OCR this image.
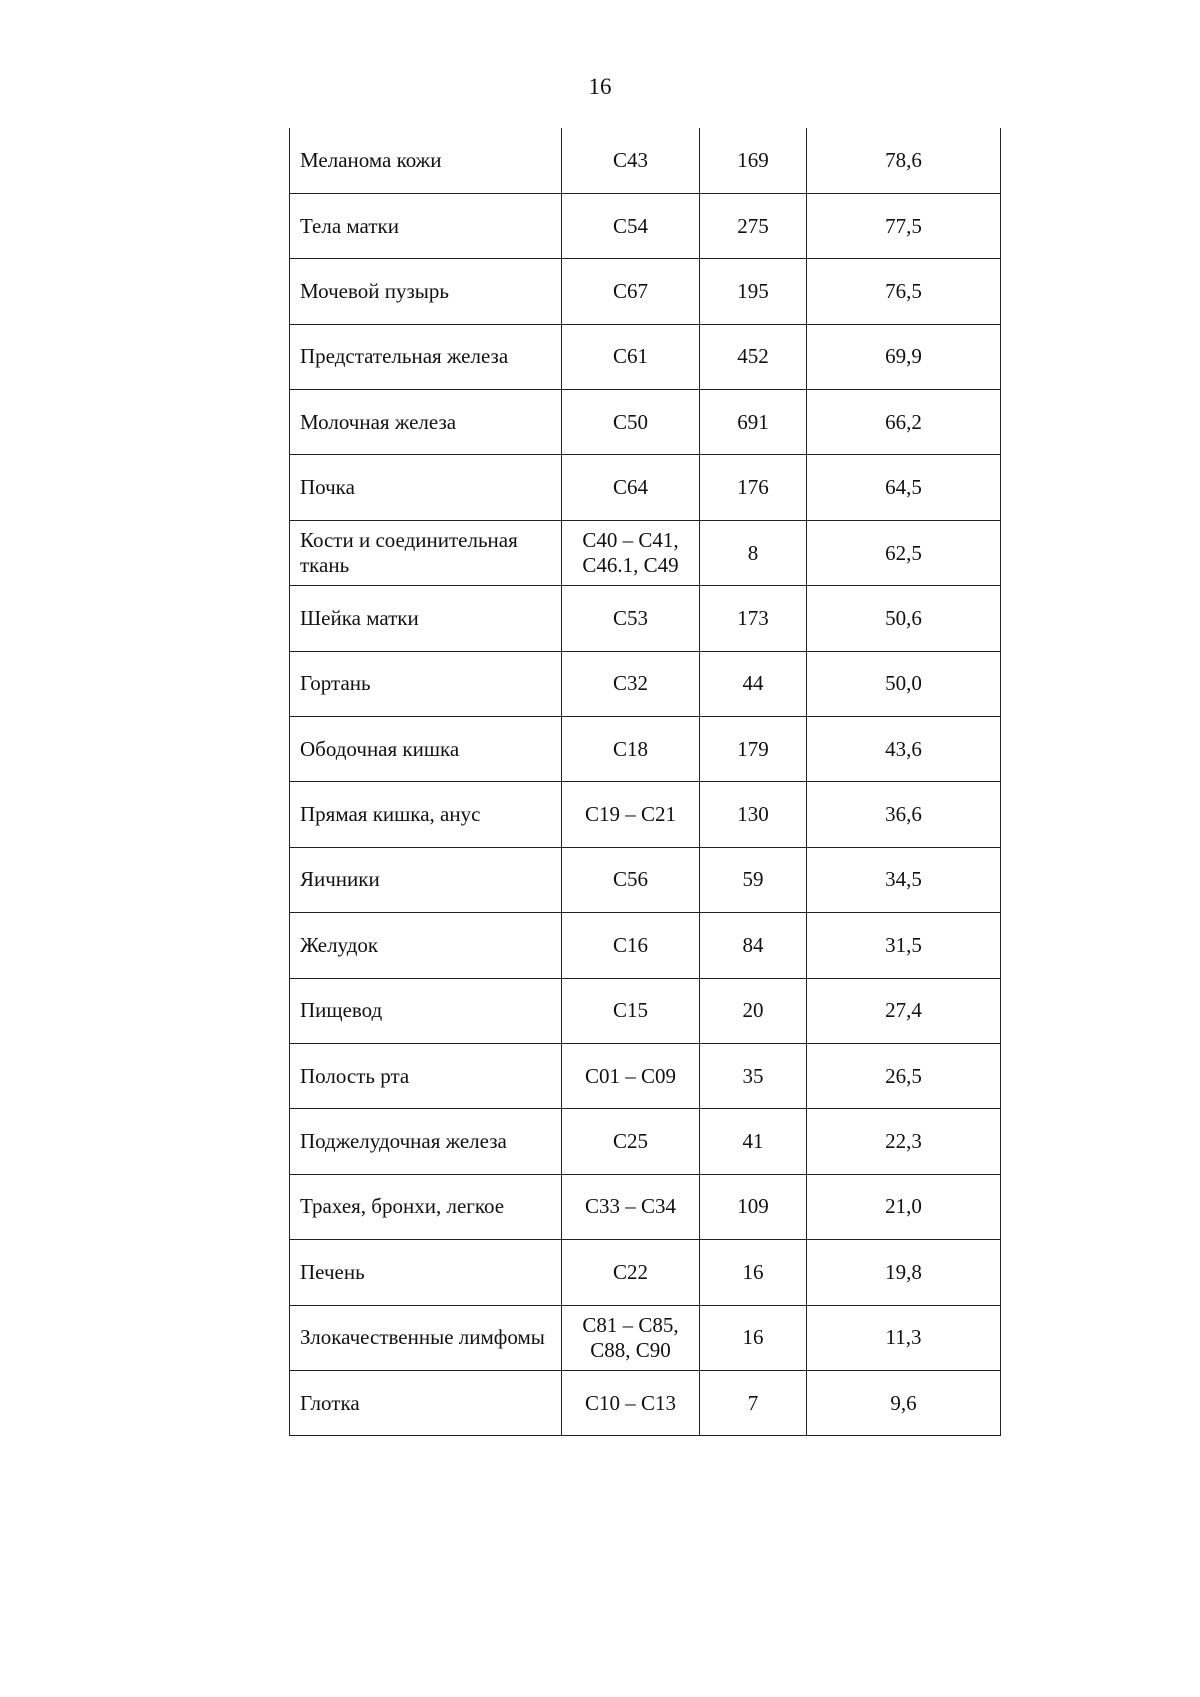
16
Меланома кожи	C43	169	78,6
Тела матки	C54	275	77,5
Мочевой пузырь	C67	195	76,5
Предстательная железа	C61	452	69,9
Молочная железа	C50	691	66,2
Почка	C64	176	64,5
Кости и соединительная ткань	C40 – C41, C46.1, C49	8	62,5
Шейка матки	C53	173	50,6
Гортань	C32	44	50,0
Ободочная кишка	C18	179	43,6
Прямая кишка, анус	C19 – C21	130	36,6
Яичники	C56	59	34,5
Желудок	C16	84	31,5
Пищевод	C15	20	27,4
Полость рта	C01 – C09	35	26,5
Поджелудочная железа	C25	41	22,3
Трахея, бронхи, легкое	C33 – C34	109	21,0
Печень	C22	16	19,8
Злокачественные лимфомы	C81 – C85, C88, C90	16	11,3
Глотка	C10 – C13	7	9,6
